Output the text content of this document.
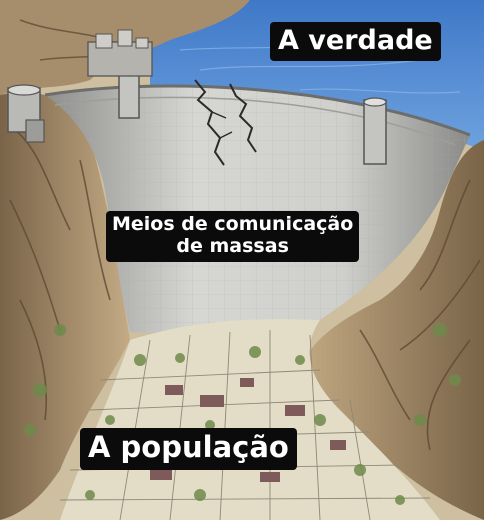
A verdade
Meios de comunicação
de massas
A população
